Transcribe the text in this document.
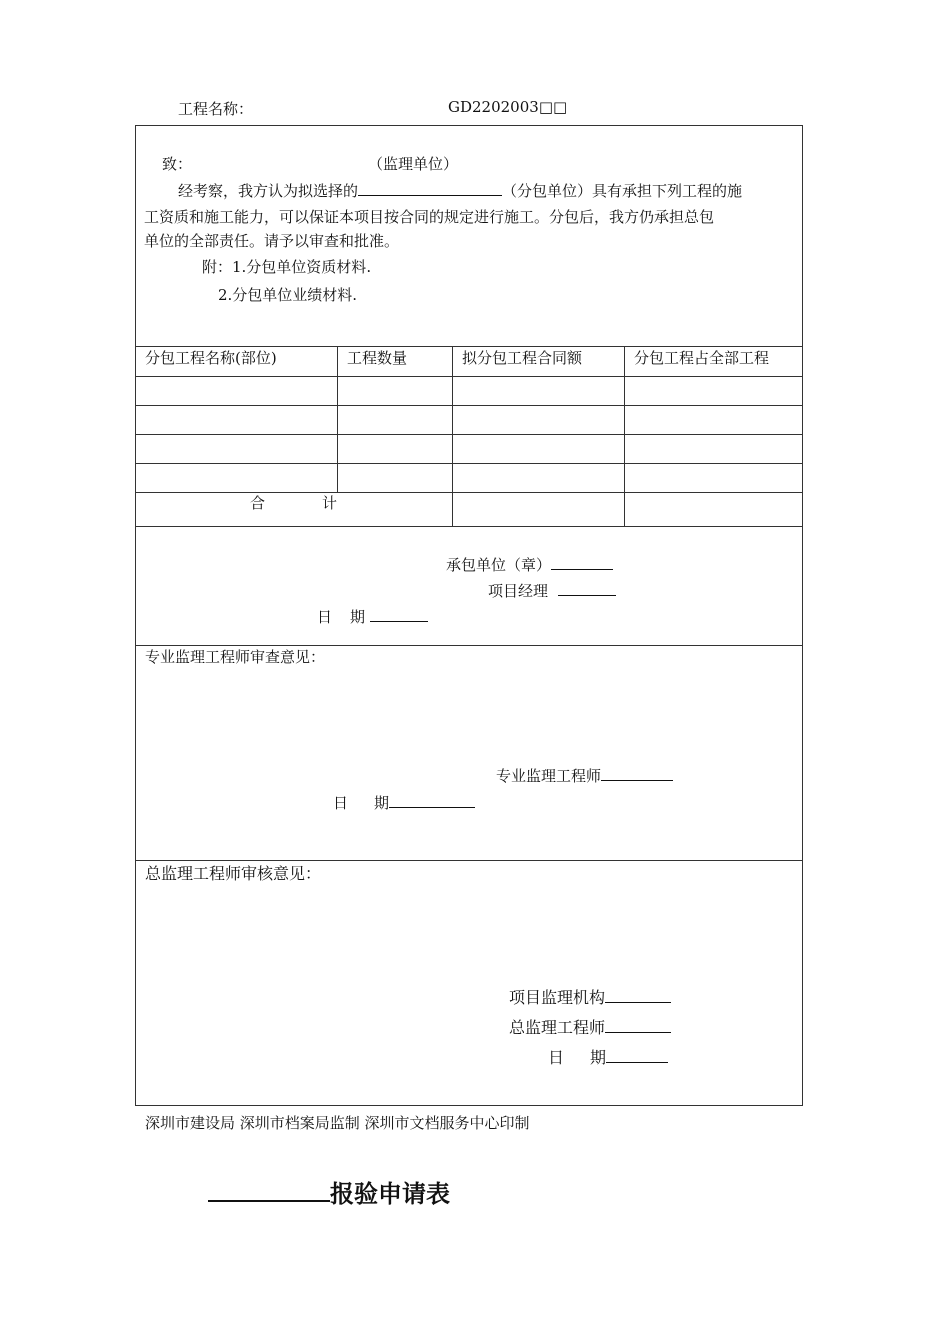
工程名称：	GD2202003□□
致：	（监理单位）
经考察，我方认为拟选择的	（分包单位）具有承担下列工程的施
工资质和施工能力，可以保证本项目按合同的规定进行施工。分包后，我方仍承担总包
单位的全部责任。请予以审查和批准。
附：1.分包单位资质材料.
2.分包单位业绩材料.
分包工程名称(部位)	工程数量	拟分包工程合同额	分包工程占全部工程
合	计
承包单位（章）
项目经理
日 期
专业监理工程师审查意见：
专业监理工程师
日 期
总监理工程师审核意见：
项目监理机构
总监理工程师
日 期
深圳市建设局 深圳市档案局监制 深圳市文档服务中心印制
报验申请表
